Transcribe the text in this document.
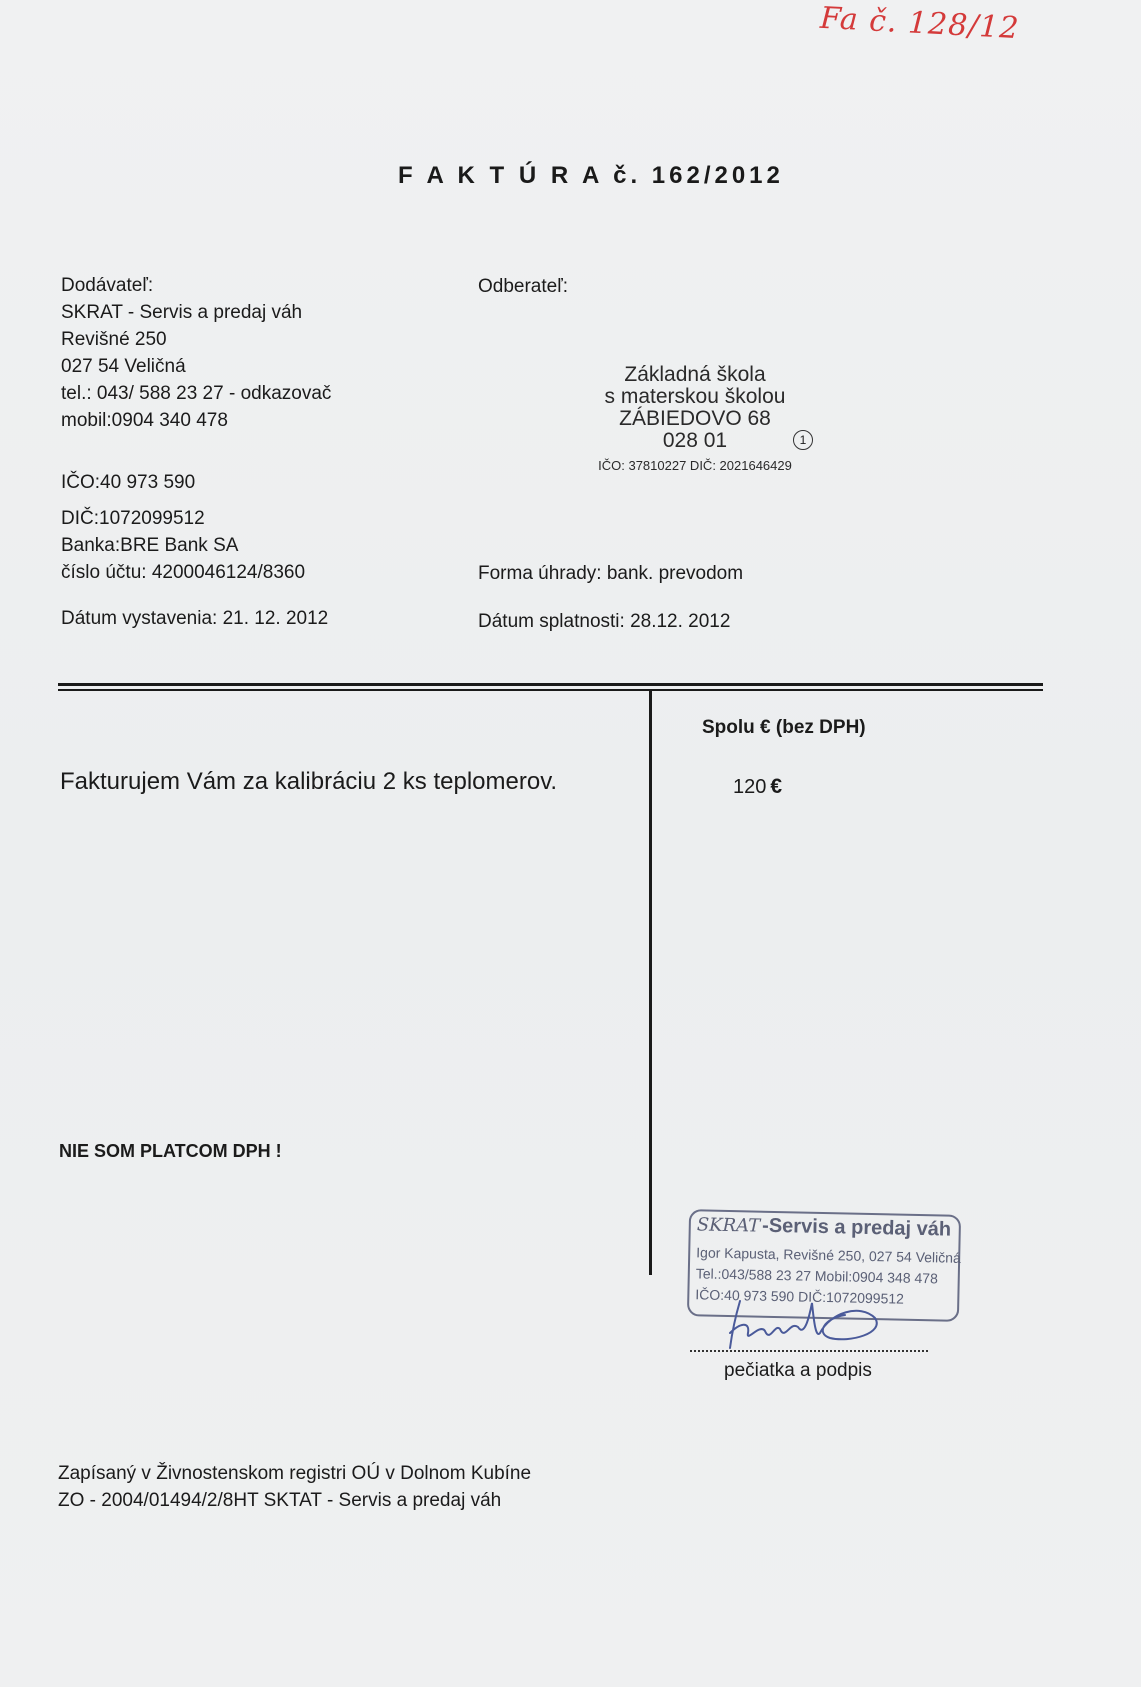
Fa č. 128/12
F A K T Ú R A č. 162/2012
Dodávateľ:
SKRAT - Servis a predaj váh
Revišné 250
027 54 Veličná
tel.: 043/ 588 23 27 - odkazovač
mobil:0904 340 478
IČO:40 973 590
DIČ:1072099512
Banka:BRE Bank SA
číslo účtu: 4200046124/8360
Odberateľ:
Základná škola
s materskou školou
ZÁBIEDOVO 68
028 01
IČO: 37810227 DIČ: 2021646429
1
Forma úhrady: bank. prevodom
Dátum vystavenia: 21. 12. 2012	Dátum splatnosti: 28.12. 2012
Spolu € (bez DPH)
120 €
Fakturujem Vám za kalibráciu 2 ks teplomerov.
NIE SOM PLATCOM DPH !
SKRAT-Servis a predaj váh
Igor Kapusta, Revišné 250, 027 54 Veličná
Tel.:043/588 23 27 Mobil:0904 348 478
IČO:40 973 590 DIČ:1072099512
pečiatka a podpis
Zapísaný v Živnostenskom registri OÚ v Dolnom Kubíne
ZO - 2004/01494/2/8HT SKTAT - Servis a predaj váh
